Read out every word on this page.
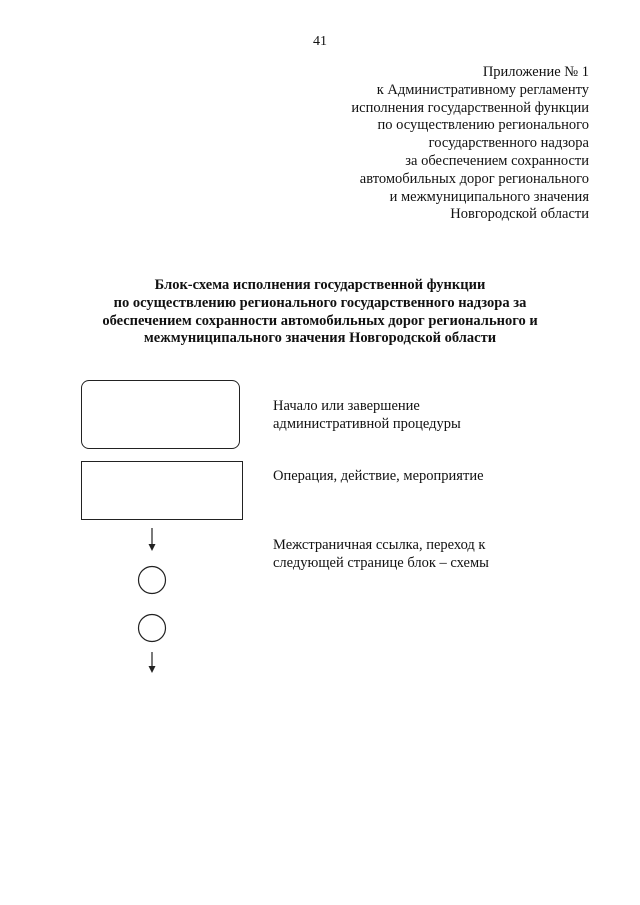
41
Приложение № 1
к Административному регламенту
исполнения государственной функции
по осуществлению регионального
государственного надзора
за обеспечением сохранности
автомобильных дорог регионального
и межмуниципального значения
Новгородской области
Блок-схема исполнения государственной функции
по осуществлению регионального государственного надзора за
обеспечением сохранности автомобильных дорог регионального и
межмуниципального значения Новгородской области
Начало или завершение
административной процедуры
Операция, действие, мероприятие
Межстраничная ссылка, переход к
следующей странице блок – схемы
